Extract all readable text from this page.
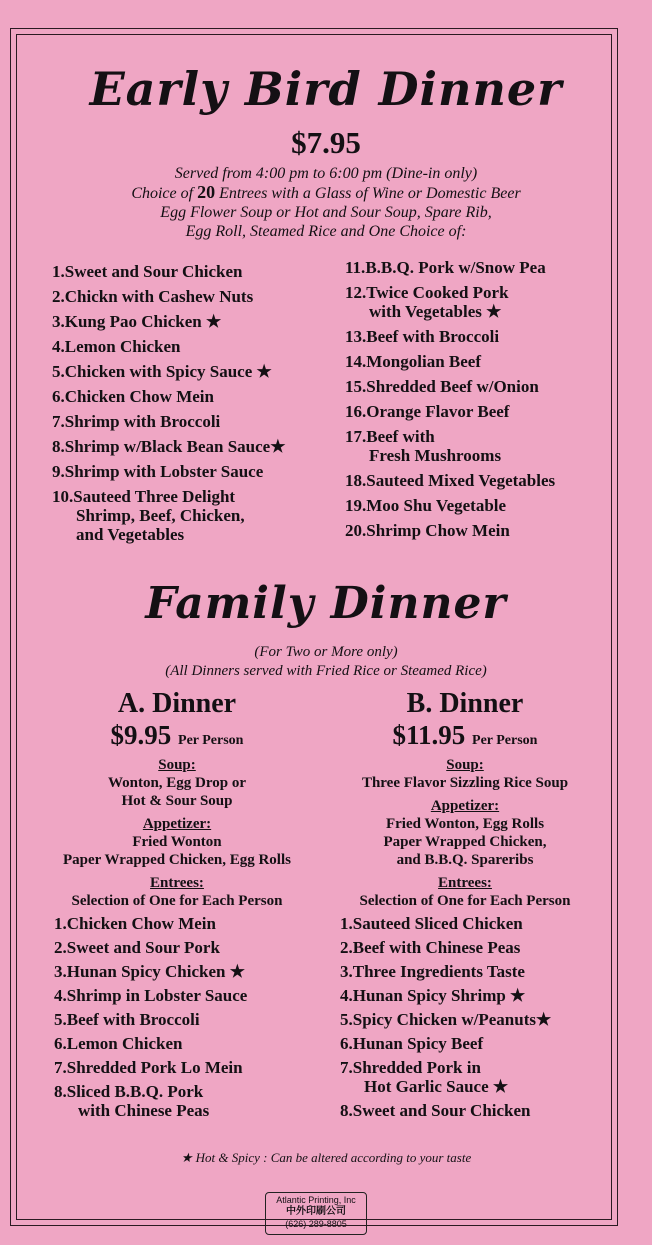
Early Bird Dinner
$7.95
Served from 4:00 pm to 6:00 pm (Dine-in only)
Choice of 20 Entrees with a Glass of Wine or Domestic Beer
Egg Flower Soup or Hot and Sour Soup, Spare Rib,
Egg Roll, Steamed Rice and One Choice of:
1.Sweet and Sour Chicken
2.Chickn with Cashew Nuts
3.Kung Pao Chicken ★
4.Lemon Chicken
5.Chicken with Spicy Sauce ★
6.Chicken Chow Mein
7.Shrimp with Broccoli
8.Shrimp w/Black Bean Sauce★
9.Shrimp with Lobster Sauce
10.Sauteed Three Delight
Shrimp, Beef, Chicken,
and Vegetables
11.B.B.Q. Pork w/Snow Pea
12.Twice Cooked Pork
with Vegetables ★
13.Beef with Broccoli
14.Mongolian Beef
15.Shredded Beef w/Onion
16.Orange Flavor Beef
17.Beef with
Fresh Mushrooms
18.Sauteed Mixed Vegetables
19.Moo Shu Vegetable
20.Shrimp Chow Mein
Family Dinner
(For Two or More only)
(All Dinners served with Fried Rice or Steamed Rice)
A. Dinner
$9.95 Per Person
Soup:
Wonton, Egg Drop or
Hot & Sour Soup
Appetizer:
Fried Wonton
Paper Wrapped Chicken, Egg Rolls
Entrees:
Selection of One for Each Person
1.Chicken Chow Mein
2.Sweet and Sour Pork
3.Hunan Spicy Chicken ★
4.Shrimp in Lobster Sauce
5.Beef with Broccoli
6.Lemon Chicken
7.Shredded Pork Lo Mein
8.Sliced B.B.Q. Pork
with Chinese Peas
B. Dinner
$11.95 Per Person
Soup:
Three Flavor Sizzling Rice Soup
Appetizer:
Fried Wonton, Egg Rolls
Paper Wrapped Chicken,
and B.B.Q. Spareribs
Entrees:
Selection of One for Each Person
1.Sauteed Sliced Chicken
2.Beef with Chinese Peas
3.Three Ingredients Taste
4.Hunan Spicy Shrimp ★
5.Spicy Chicken w/Peanuts★
6.Hunan Spicy Beef
7.Shredded Pork in
Hot Garlic Sauce ★
8.Sweet and Sour Chicken
★ Hot & Spicy : Can be altered according to your taste
Atlantic Printing, Inc
中外印刷公司
(626) 289-8805
